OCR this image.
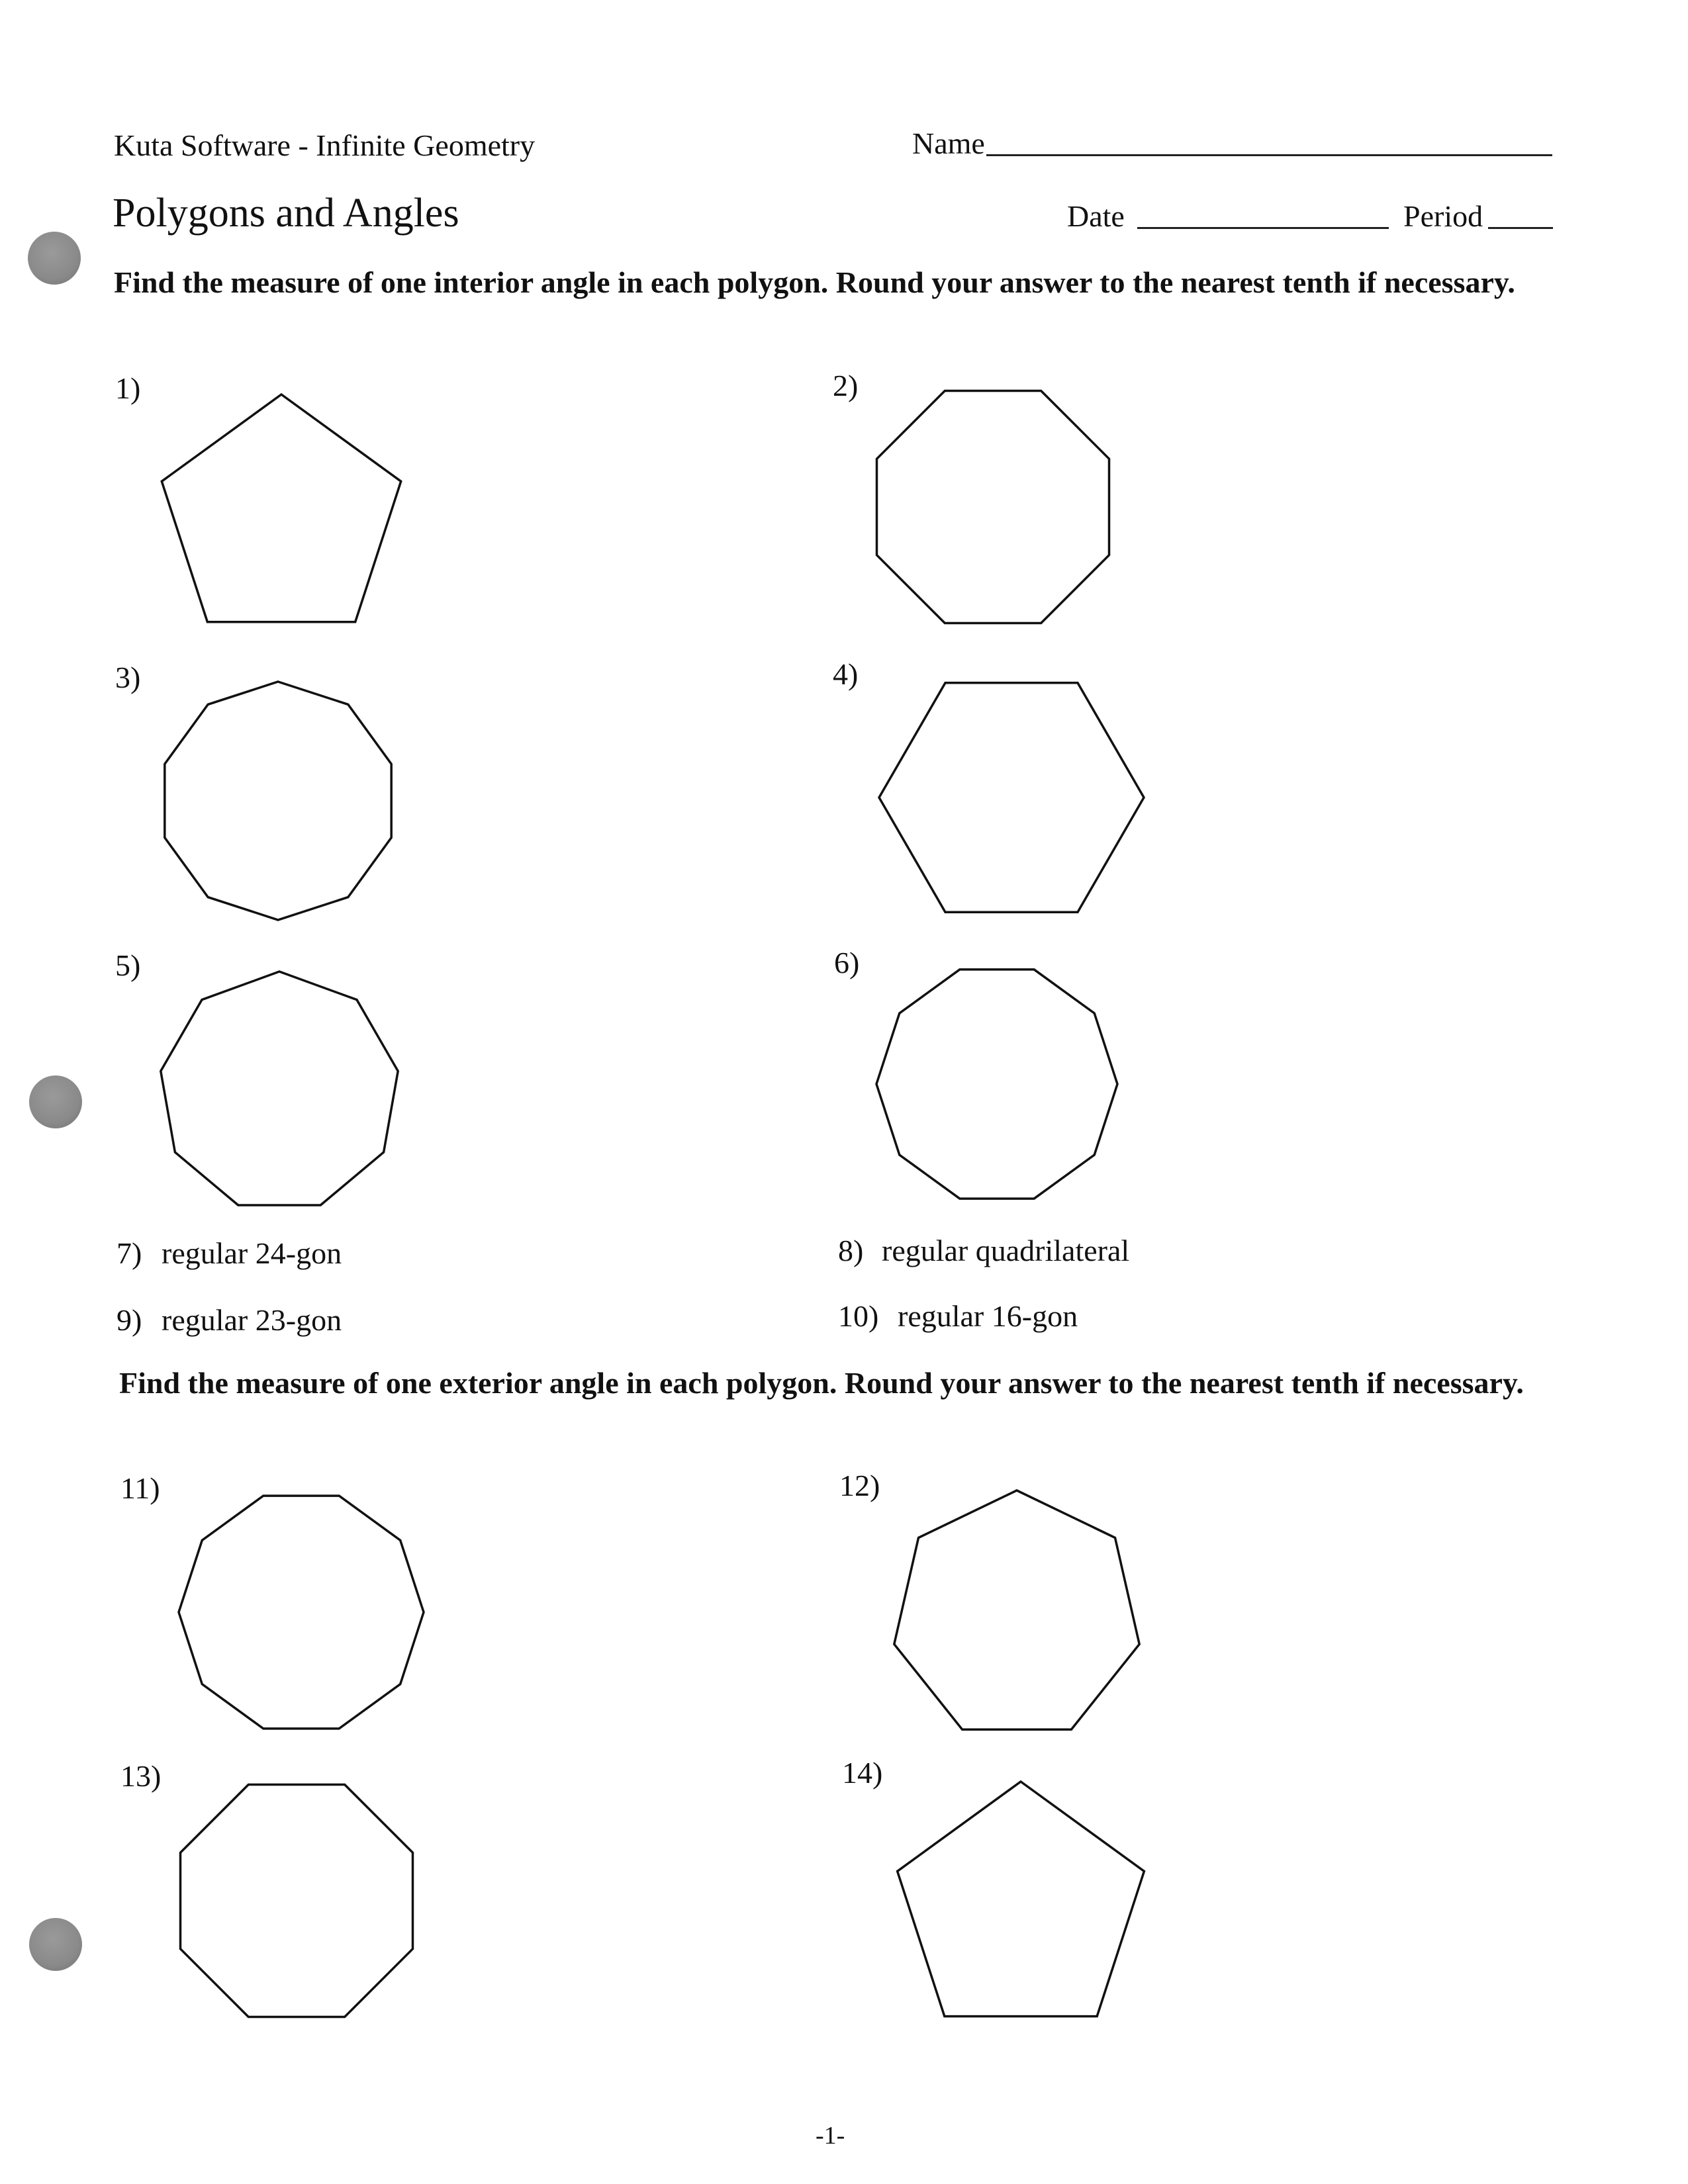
Kuta Software - Infinite Geometry	Name
Polygons and Angles	Date	Period
Find the measure of one interior angle in each polygon. Round your answer to the nearest tenth if necessary.
1)	2)
3)	4)
5)	6)
7) regular 24-gon	8) regular quadrilateral
9) regular 23-gon	10) regular 16-gon
Find the measure of one exterior angle in each polygon. Round your answer to the nearest tenth if necessary.
11)	12)
13)	14)
-1-
